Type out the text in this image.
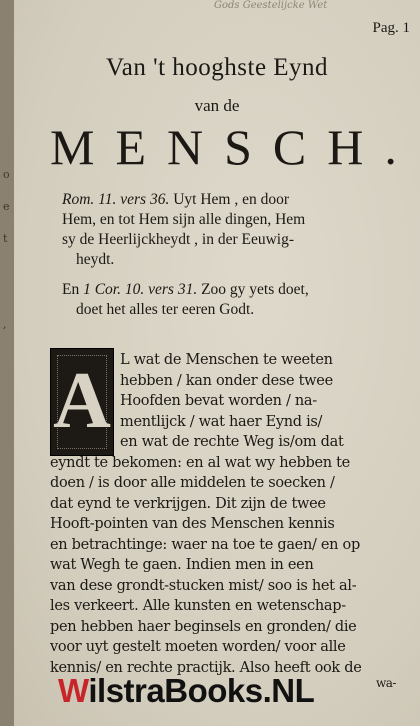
o
e
t
,
Gods Geestelijcke Wet
Pag. 1
Van 't hooghste Eynd
van de
MENSCH.
Rom. 11. vers 36. Uyt Hem , en door
Hem, en tot Hem sijn alle dingen, Hem
sy de Heerlijckheydt , in der Eeuwig-
heydt.
En 1 Cor. 10. vers 31. Zoo gy yets doet,
doet het alles ter eeren Godt.
A L wat de Menschen te weeten
hebben / kan onder dese twee
Hoofden bevat worden / na-
mentlijck / wat haer Eynd is/
en wat de rechte Weg is/om dat
eyndt te bekomen: en al wat wy hebben te
doen / is door alle middelen te soecken /
dat eynd te verkrijgen. Dit zijn de twee
Hooft-pointen van des Menschen kennis
en betrachtinge: waer na toe te gaen/ en op
wat Wegh te gaen. Indien men in een
van dese grondt-stucken mist/ soo is het al-
les verkeert. Alle kunsten en wetenschap-
pen hebben haer beginsels en gronden/ die
voor uyt gestelt moeten worden/ voor alle
kennis/ en rechte practijk. Also heeft ook de
WilstraBooks.NL	wa-
